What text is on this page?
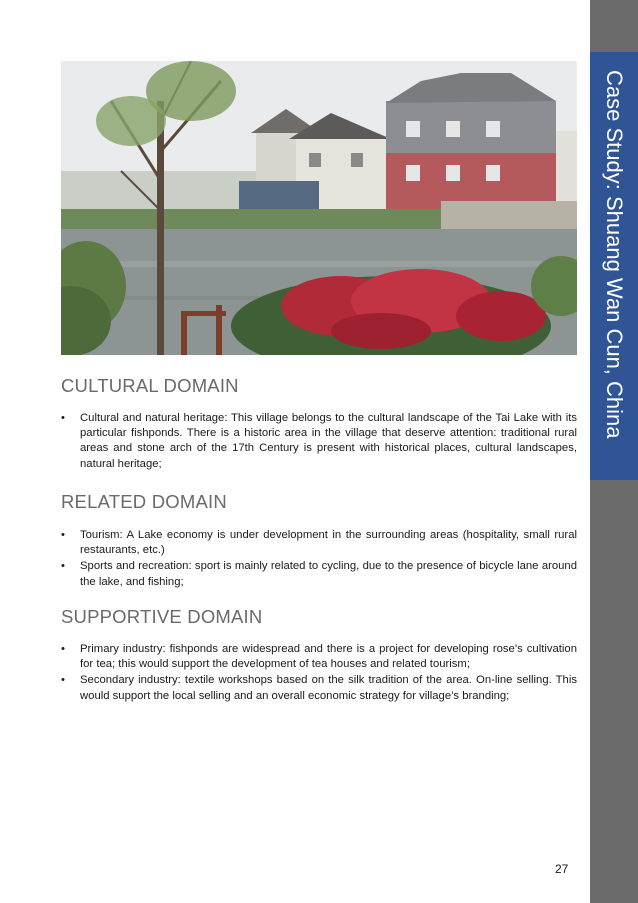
Case Study: Shuang Wan Cun, China
CULTURAL DOMAIN
• Cultural and natural heritage: This village belongs to the cultural landscape of the Tai Lake with its particular fishponds. There is a historic area in the village that deserve attention: traditional rural areas and stone arch of the 17th Century is present with historical places, cultural landscapes, natural heritage;
RELATED DOMAIN
• Tourism: A Lake economy is under development in the surrounding areas (hospitality, small rural restaurants, etc.)
• Sports and recreation: sport is mainly related to cycling, due to the presence of bicycle lane around the lake, and fishing;
SUPPORTIVE DOMAIN
• Primary industry: fishponds are widespread and there is a project for developing rose’s cultivation for tea; this would support the development of tea houses and related tourism;
• Secondary industry: textile workshops based on the silk tradition of the area. On-line selling. This would support the local selling and an overall economic strategy for village’s branding;
27
